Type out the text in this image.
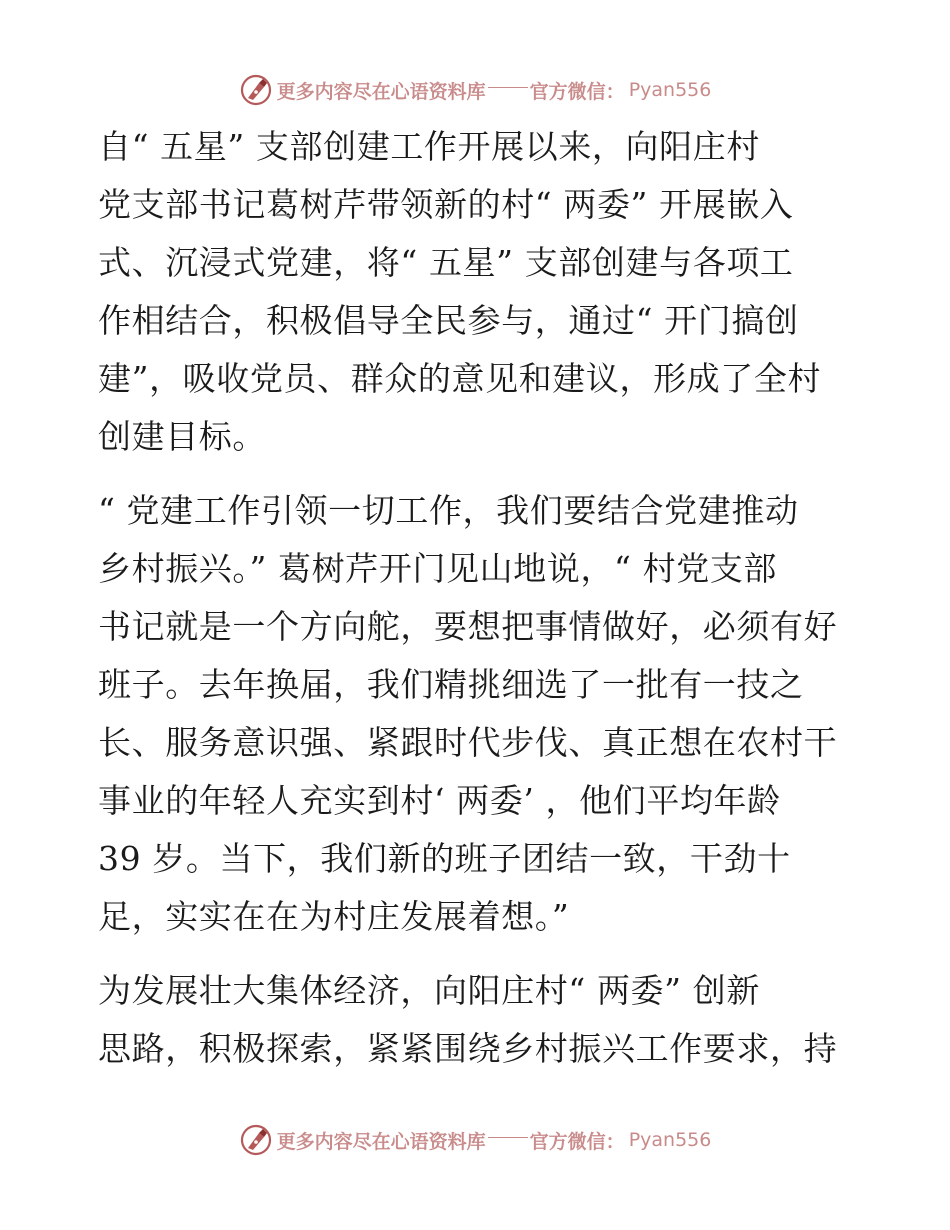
更多内容尽在心语资料库 官方微信： Pyan556
自“ 五星” 支部创建工作开展以来，向阳庄村
党支部书记葛树芹带领新的村“ 两委” 开展嵌入
式、沉浸式党建，将“ 五星” 支部创建与各项工
作相结合，积极倡导全民参与，通过“ 开门搞创
建”，吸收党员、群众的意见和建议，形成了全村
创建目标。
“ 党建工作引领一切工作，我们要结合党建推动
乡村振兴。” 葛树芹开门见山地说，“ 村党支部
书记就是一个方向舵，要想把事情做好，必须有好
班子。去年换届，我们精挑细选了一批有一技之
长、服务意识强、紧跟时代步伐、真正想在农村干
事业的年轻人充实到村‘ 两委’ ，他们平均年龄
39 岁。当下，我们新的班子团结一致，干劲十
足，实实在在为村庄发展着想。”
为发展壮大集体经济，向阳庄村“ 两委” 创新
思路，积极探索，紧紧围绕乡村振兴工作要求，持
更多内容尽在心语资料库 官方微信： Pyan556
